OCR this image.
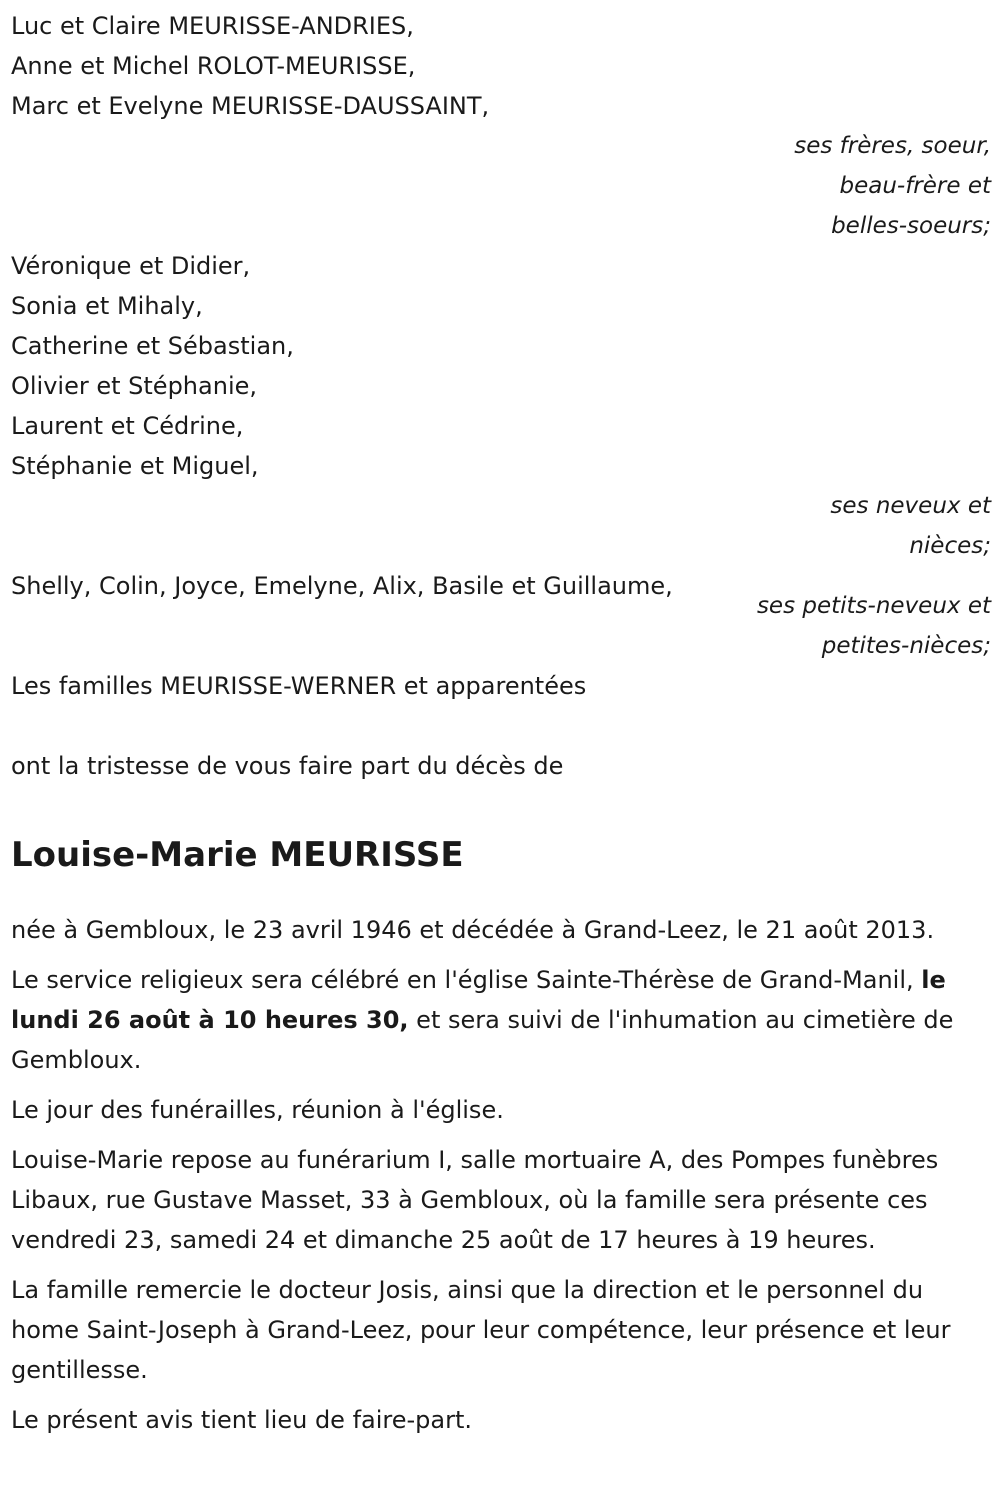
Luc et Claire MEURISSE-ANDRIES,

Anne et Michel ROLOT-MEURISSE,

Marc et Evelyne MEURISSE-DAUSSAINT,

ses frères, soeur,

beau-frère et

belles-soeurs;

Véronique et Didier,

Sonia et Mihaly,

Catherine et Sébastian,

Olivier et Stéphanie,

Laurent et Cédrine,

Stéphanie et Miguel,

ses neveux et

nièces;

Shelly, Colin, Joyce, Emelyne, Alix, Basile et Guillaume,

ses petits-neveux et

petites-nièces;

Les familles MEURISSE-WERNER et apparentées

ont la tristesse de vous faire part du décès de

Louise-Marie MEURISSE

née à Gembloux, le 23 avril 1946 et décédée à Grand-Leez, le 21 août 2013.

Le service religieux sera célébré en l'église Sainte-Thérèse de Grand-Manil, le lundi 26 août à 10 heures 30, et sera suivi de l'inhumation au cimetière de Gembloux.

Le jour des funérailles, réunion à l'église.

Louise-Marie repose au funérarium I, salle mortuaire A, des Pompes funèbres Libaux, rue Gustave Masset, 33 à Gembloux, où la famille sera présente ces vendredi 23, samedi 24 et dimanche 25 août de 17 heures à 19 heures.

La famille remercie le docteur Josis, ainsi que la direction et le personnel du home Saint-Joseph à Grand-Leez, pour leur compétence, leur présence et leur gentillesse.

Le présent avis tient lieu de faire-part.
